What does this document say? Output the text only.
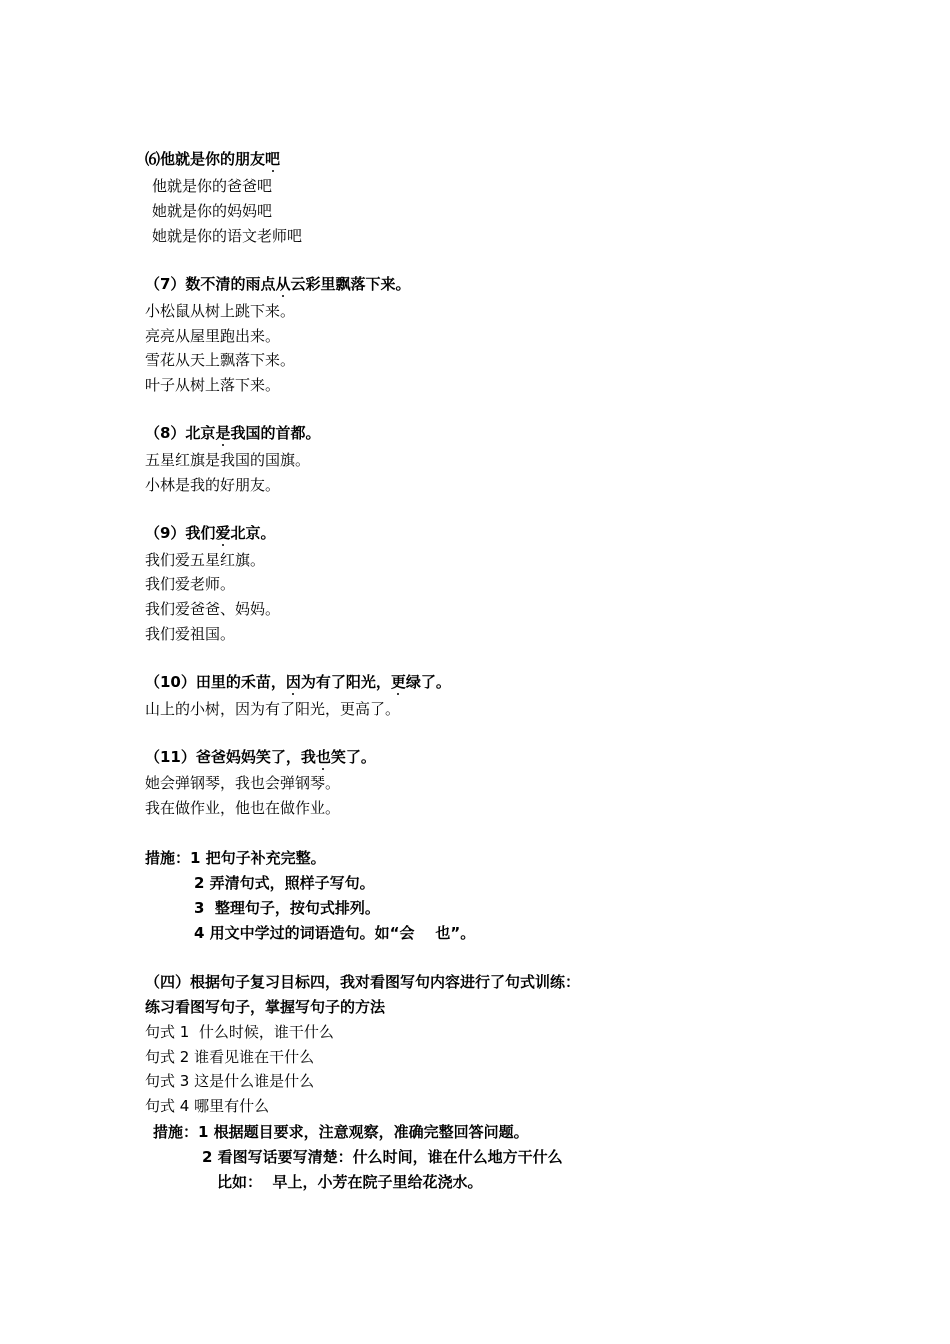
⑹他就是你的朋友吧
他就是你的爸爸吧
她就是你的妈妈吧
她就是你的语文老师吧
（7）数不清的雨点从云彩里飘落下来。
小松鼠从树上跳下来。
亮亮从屋里跑出来。
雪花从天上飘落下来。
叶子从树上落下来。
（8）北京是我国的首都。
五星红旗是我国的国旗。
小林是我的好朋友。
（9）我们爱北京。
我们爱五星红旗。
我们爱老师。
我们爱爸爸、妈妈。
我们爱祖国。
（10）田里的禾苗，因为有了阳光，更绿了。
山上的小树，因为有了阳光，更高了。
（11）爸爸妈妈笑了，我也笑了。
她会弹钢琴，我也会弹钢琴。
我在做作业，他也在做作业。
措施：1 把句子补充完整。
2 弄清句式，照样子写句。
3  整理句子，按句式排列。
4 用文中学过的词语造句。如“会    也”。
（四）根据句子复习目标四，我对看图写句内容进行了句式训练：
练习看图写句子，掌握写句子的方法
句式 1  什么时候，谁干什么
句式 2 谁看见谁在干什么
句式 3 这是什么谁是什么
句式 4 哪里有什么
措施：1 根据题目要求，注意观察，准确完整回答问题。
2 看图写话要写清楚：什么时间，谁在什么地方干什么
比如：  早上，小芳在院子里给花浇水。
